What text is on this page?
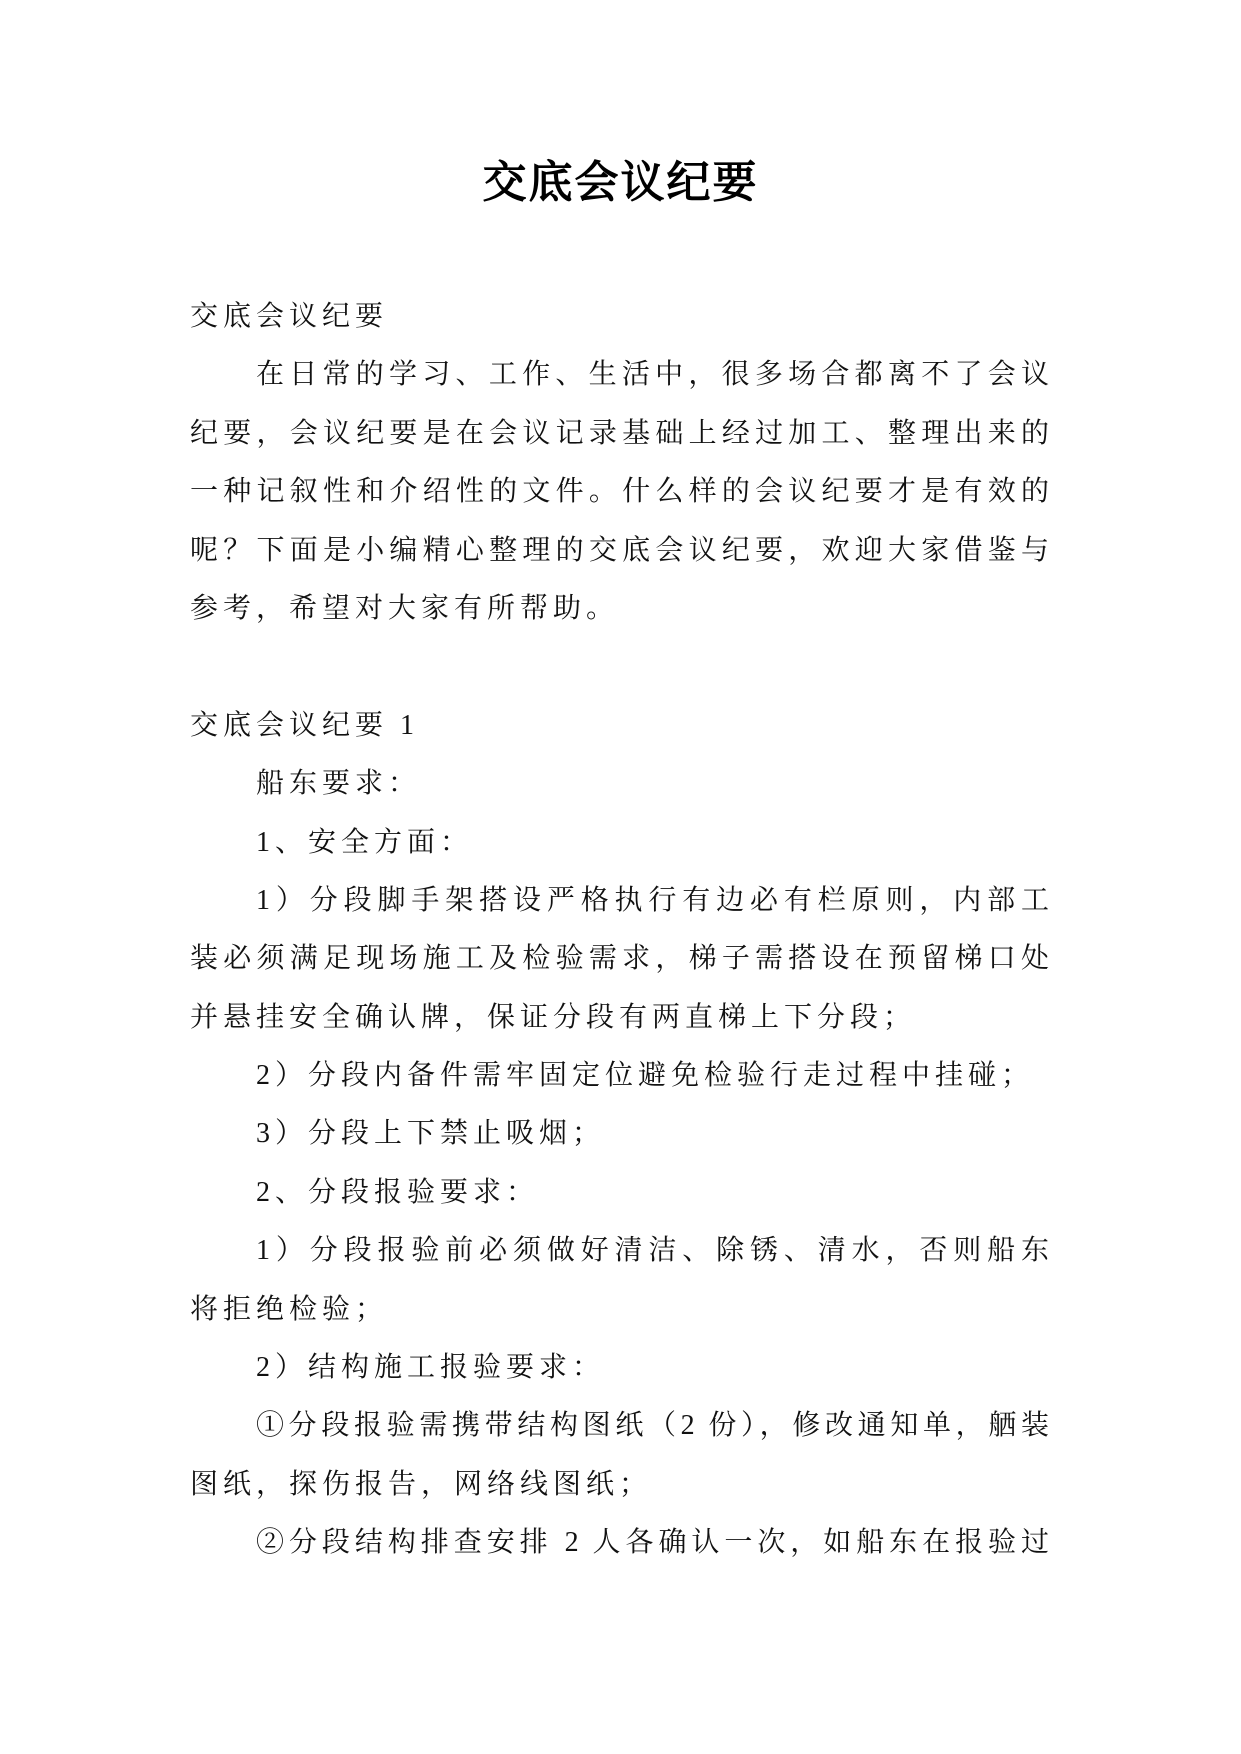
交底会议纪要
交底会议纪要
在日常的学习、工作、生活中，很多场合都离不了会议
纪要，会议纪要是在会议记录基础上经过加工、整理出来的
一种记叙性和介绍性的文件。什么样的会议纪要才是有效的
呢？下面是小编精心整理的交底会议纪要，欢迎大家借鉴与
参考，希望对大家有所帮助。
交底会议纪要 1
船东要求：
1、安全方面：
1）分段脚手架搭设严格执行有边必有栏原则，内部工
装必须满足现场施工及检验需求，梯子需搭设在预留梯口处
并悬挂安全确认牌，保证分段有两直梯上下分段；
2）分段内备件需牢固定位避免检验行走过程中挂碰；
3）分段上下禁止吸烟；
2、分段报验要求：
1）分段报验前必须做好清洁、除锈、清水，否则船东
将拒绝检验；
2）结构施工报验要求：
①分段报验需携带结构图纸（2 份），修改通知单，舾装
图纸，探伤报告，网络线图纸；
②分段结构排查安排 2 人各确认一次，如船东在报验过
